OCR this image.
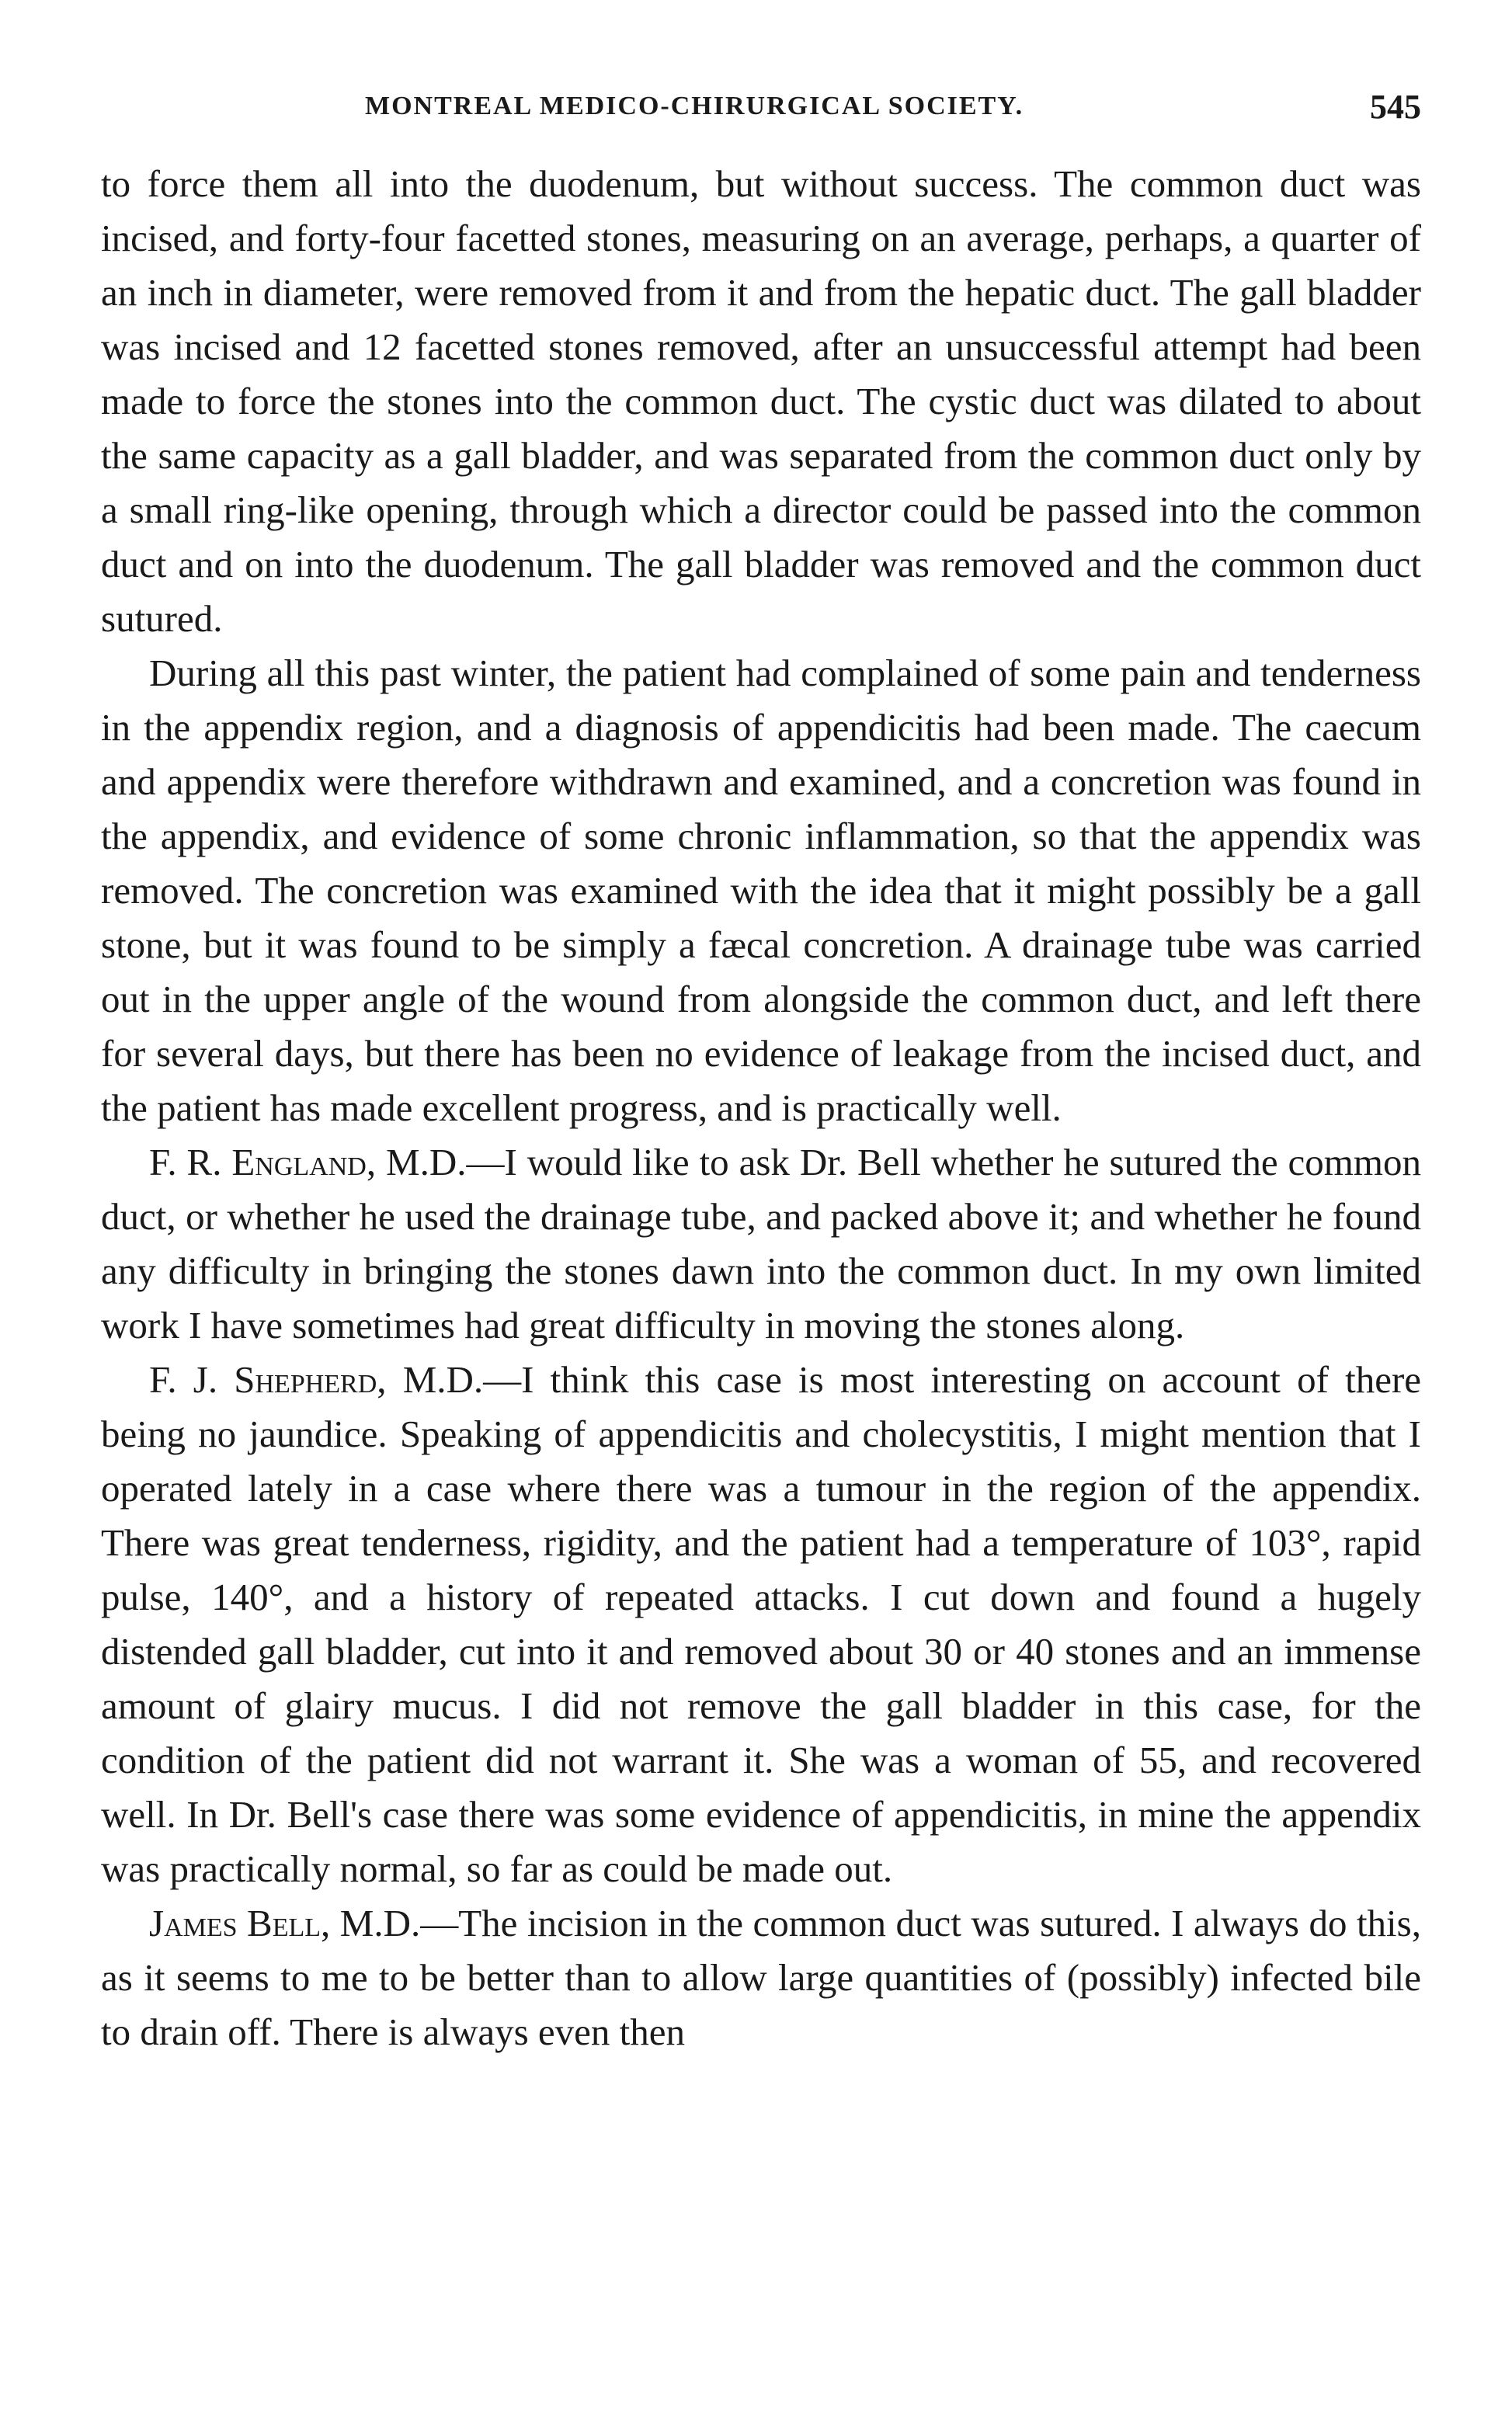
MONTREAL MEDICO-CHIRURGICAL SOCIETY.	545

to force them all into the duodenum, but without success. The common duct was incised, and forty-four facetted stones, measuring on an average, perhaps, a quarter of an inch in diameter, were removed from it and from the hepatic duct. The gall bladder was incised and 12 facetted stones removed, after an unsuccessful attempt had been made to force the stones into the common duct. The cystic duct was dilated to about the same capacity as a gall bladder, and was separated from the common duct only by a small ring-like opening, through which a director could be passed into the common duct and on into the duodenum. The gall bladder was removed and the common duct sutured.

During all this past winter, the patient had complained of some pain and tenderness in the appendix region, and a diagnosis of appendicitis had been made. The caecum and appendix were therefore withdrawn and examined, and a concretion was found in the appendix, and evidence of some chronic inflammation, so that the appendix was removed. The concretion was examined with the idea that it might possibly be a gall stone, but it was found to be simply a fæcal concretion. A drainage tube was carried out in the upper angle of the wound from alongside the common duct, and left there for several days, but there has been no evidence of leakage from the incised duct, and the patient has made excellent progress, and is practically well.

F. R. England, M.D.—I would like to ask Dr. Bell whether he sutured the common duct, or whether he used the drainage tube, and packed above it; and whether he found any difficulty in bringing the stones dawn into the common duct. In my own limited work I have sometimes had great difficulty in moving the stones along.

F. J. Shepherd, M.D.—I think this case is most interesting on account of there being no jaundice. Speaking of appendicitis and cholecystitis, I might mention that I operated lately in a case where there was a tumour in the region of the appendix. There was great tenderness, rigidity, and the patient had a temperature of 103°, rapid pulse, 140°, and a history of repeated attacks. I cut down and found a hugely distended gall bladder, cut into it and removed about 30 or 40 stones and an immense amount of glairy mucus. I did not remove the gall bladder in this case, for the condition of the patient did not warrant it. She was a woman of 55, and recovered well. In Dr. Bell's case there was some evidence of appendicitis, in mine the appendix was practically normal, so far as could be made out.

James Bell, M.D.—The incision in the common duct was sutured. I always do this, as it seems to me to be better than to allow large quantities of (possibly) infected bile to drain off. There is always even then
